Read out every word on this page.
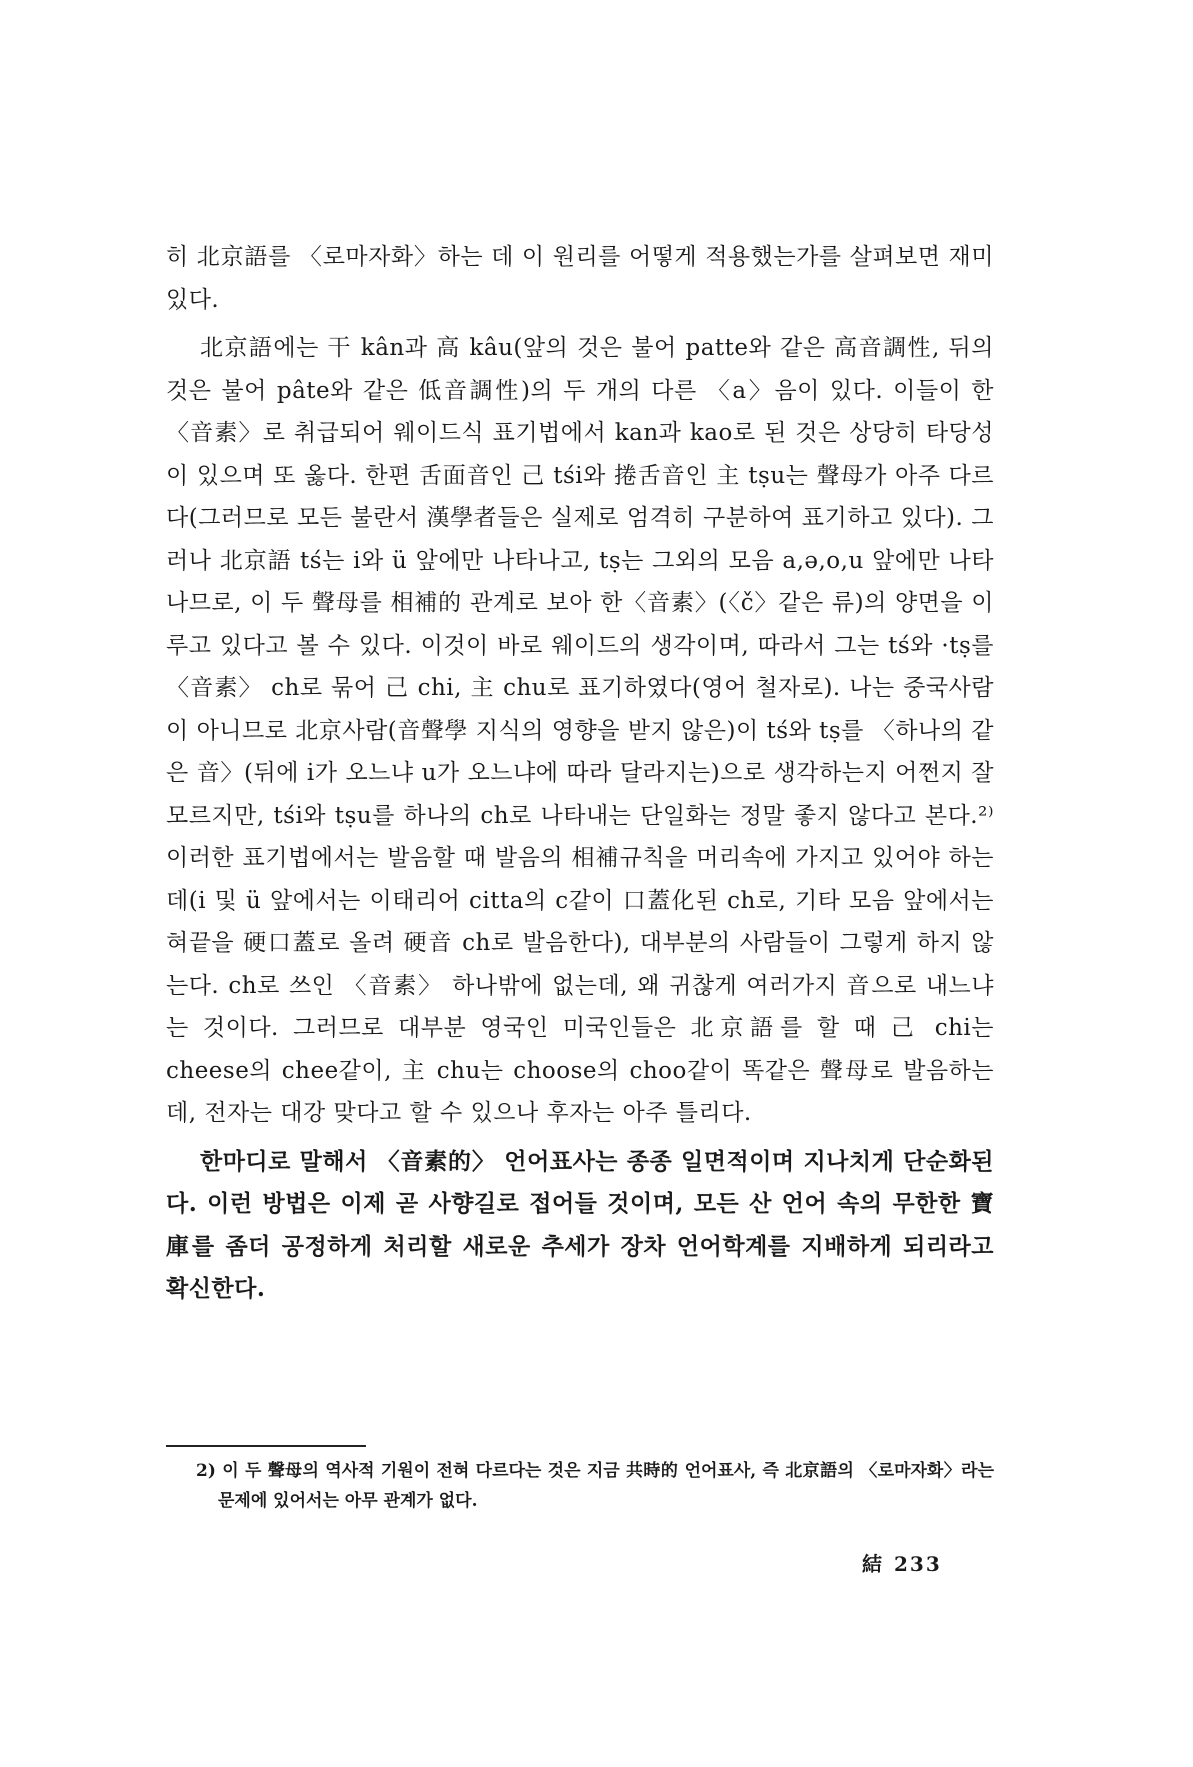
히 北京語를 〈로마자화〉하는 데 이 원리를 어떻게 적용했는가를 살펴보면 재미있다.

北京語에는 干 kân과 高 kâu(앞의 것은 불어 patte와 같은 高音調性, 뒤의 것은 불어 pâte와 같은 低音調性)의 두 개의 다른 〈a〉음이 있다. 이들이 한 〈音素〉로 취급되어 웨이드식 표기법에서 kan과 kao로 된 것은 상당히 타당성이 있으며 또 옳다. 한편 舌面音인 己 tśi와 捲舌音인 主 tṣu는 聲母가 아주 다르다(그러므로 모든 불란서 漢學者들은 실제로 엄격히 구분하여 표기하고 있다). 그러나 北京語 tś는 i와 ü 앞에만 나타나고, tṣ는 그외의 모음 a,ə,o,u 앞에만 나타나므로, 이 두 聲母를 相補的 관계로 보아 한〈音素〉(〈č〉같은 류)의 양면을 이루고 있다고 볼 수 있다. 이것이 바로 웨이드의 생각이며, 따라서 그는 tś와 ·tṣ를 〈音素〉 ch로 묶어 己 chi, 主 chu로 표기하였다(영어 철자로). 나는 중국사람이 아니므로 北京사람(音聲學 지식의 영향을 받지 않은)이 tś와 tṣ를 〈하나의 같은 音〉(뒤에 i가 오느냐 u가 오느냐에 따라 달라지는)으로 생각하는지 어쩐지 잘 모르지만, tśi와 tṣu를 하나의 ch로 나타내는 단일화는 정말 좋지 않다고 본다.²⁾ 이러한 표기법에서는 발음할 때 발음의 相補규칙을 머리속에 가지고 있어야 하는데(i 및 ü 앞에서는 이태리어 citta의 c같이 口蓋化된 ch로, 기타 모음 앞에서는 혀끝을 硬口蓋로 올려 硬音 ch로 발음한다), 대부분의 사람들이 그렇게 하지 않는다. ch로 쓰인 〈音素〉 하나밖에 없는데, 왜 귀찮게 여러가지 音으로 내느냐는 것이다. 그러므로 대부분 영국인 미국인들은 北京語를 할 때 己 chi는 cheese의 chee같이, 主 chu는 choose의 choo같이 똑같은 聲母로 발음하는데, 전자는 대강 맞다고 할 수 있으나 후자는 아주 틀리다.

한마디로 말해서 〈音素的〉 언어표사는 종종 일면적이며 지나치게 단순화된다. 이런 방법은 이제 곧 사향길로 접어들 것이며, 모든 산 언어 속의 무한한 寶庫를 좀더 공정하게 처리할 새로운 추세가 장차 언어학계를 지배하게 되리라고 확신한다.

2) 이 두 聲母의 역사적 기원이 전혀 다르다는 것은 지금 共時的 언어표사, 즉 北京語의 〈로마자화〉라는 문제에 있어서는 아무 관계가 없다.

結 233
